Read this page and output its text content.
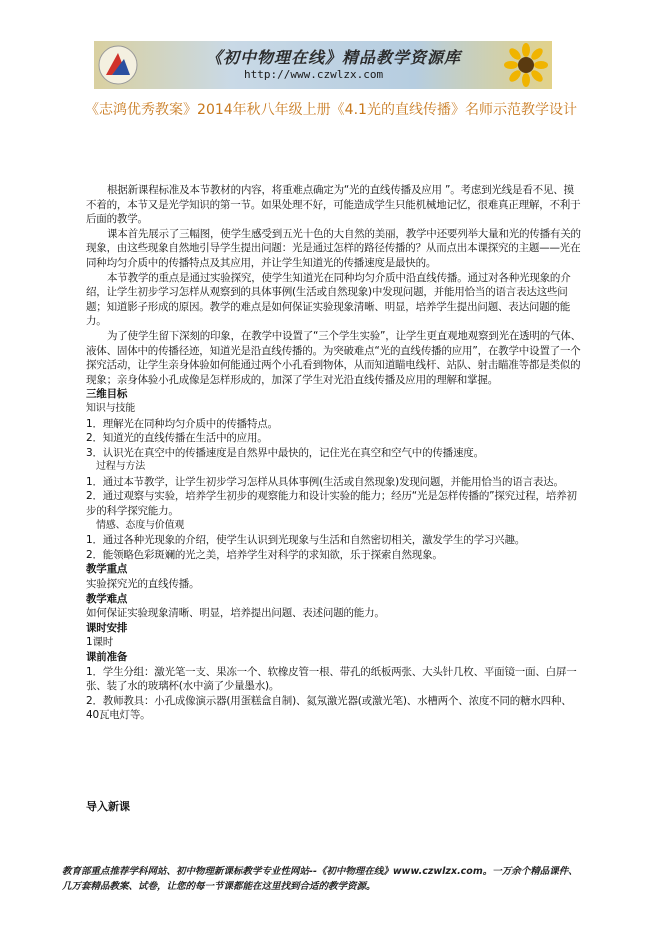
《初中物理在线》精品教学资源库
http://www.czwlzx.com
《志鸿优秀教案》2014年秋八年级上册《4.1光的直线传播》名师示范教学设计

根据新课程标准及本节教材的内容，将重难点确定为“光的直线传播及应用 ”。考虑到光线是看不见、摸不着的，本节又是光学知识的第一节。如果处理不好，可能造成学生只能机械地记忆，很难真正理解，不利于后面的教学。

课本首先展示了三幅图，使学生感受到五光十色的大自然的美丽，教学中还要列举大量和光的传播有关的现象，由这些现象自然地引导学生提出问题：光是通过怎样的路径传播的？从而点出本课探究的主题——光在同种均匀介质中的传播特点及其应用，并让学生知道光的传播速度是最快的。

本节教学的重点是通过实验探究，使学生知道光在同种均匀介质中沿直线传播。通过对各种光现象的介绍，让学生初步学习怎样从观察到的具体事例(生活或自然现象)中发现问题，并能用恰当的语言表达这些问题；知道影子形成的原因。教学的难点是如何保证实验现象清晰、明显，培养学生提出问题、表达问题的能力。

为了使学生留下深刻的印象，在教学中设置了“三个学生实验”，让学生更直观地观察到光在透明的气体、液体、固体中的传播径迹，知道光是沿直线传播的。为突破难点“光的直线传播的应用”，在教学中设置了一个探究活动，让学生亲身体验如何能通过两个小孔看到物体，从而知道瞄电线杆、站队、射击瞄准等都是类似的现象；亲身体验小孔成像是怎样形成的，加深了学生对光沿直线传播及应用的理解和掌握。

三维目标

知识与技能

1．理解光在同种均匀介质中的传播特点。

2．知道光的直线传播在生活中的应用。

3．认识光在真空中的传播速度是自然界中最快的，记住光在真空和空气中的传播速度。

过程与方法

1．通过本节教学，让学生初步学习怎样从具体事例(生活或自然现象)发现问题，并能用恰当的语言表达。

2．通过观察与实验，培养学生初步的观察能力和设计实验的能力；经历“光是怎样传播的”探究过程，培养初步的科学探究能力。

情感、态度与价值观

1．通过各种光现象的介绍，使学生认识到光现象与生活和自然密切相关，激发学生的学习兴趣。

2．能领略色彩斑斓的光之美，培养学生对科学的求知欲，乐于探索自然现象。

教学重点

实验探究光的直线传播。

教学难点

如何保证实验现象清晰、明显，培养提出问题、表述问题的能力。

课时安排

1课时

课前准备

1．学生分组：激光笔一支、果冻一个、软橡皮管一根、带孔的纸板两张、大头针几枚、平面镜一面、白屏一张、装了水的玻璃杯(水中滴了少量墨水)。

2．教师教具：小孔成像演示器(用蛋糕盒自制)、氦氖激光器(或激光笔)、水槽两个、浓度不同的糖水四种、40瓦电灯等。

导入新课
教育部重点推荐学科网站、初中物理新课标教学专业性网站--《初中物理在线》www.czwlzx.com。一万余个精品课件、
几万套精品教案、试卷，让您的每一节课都能在这里找到合适的教学资源。
